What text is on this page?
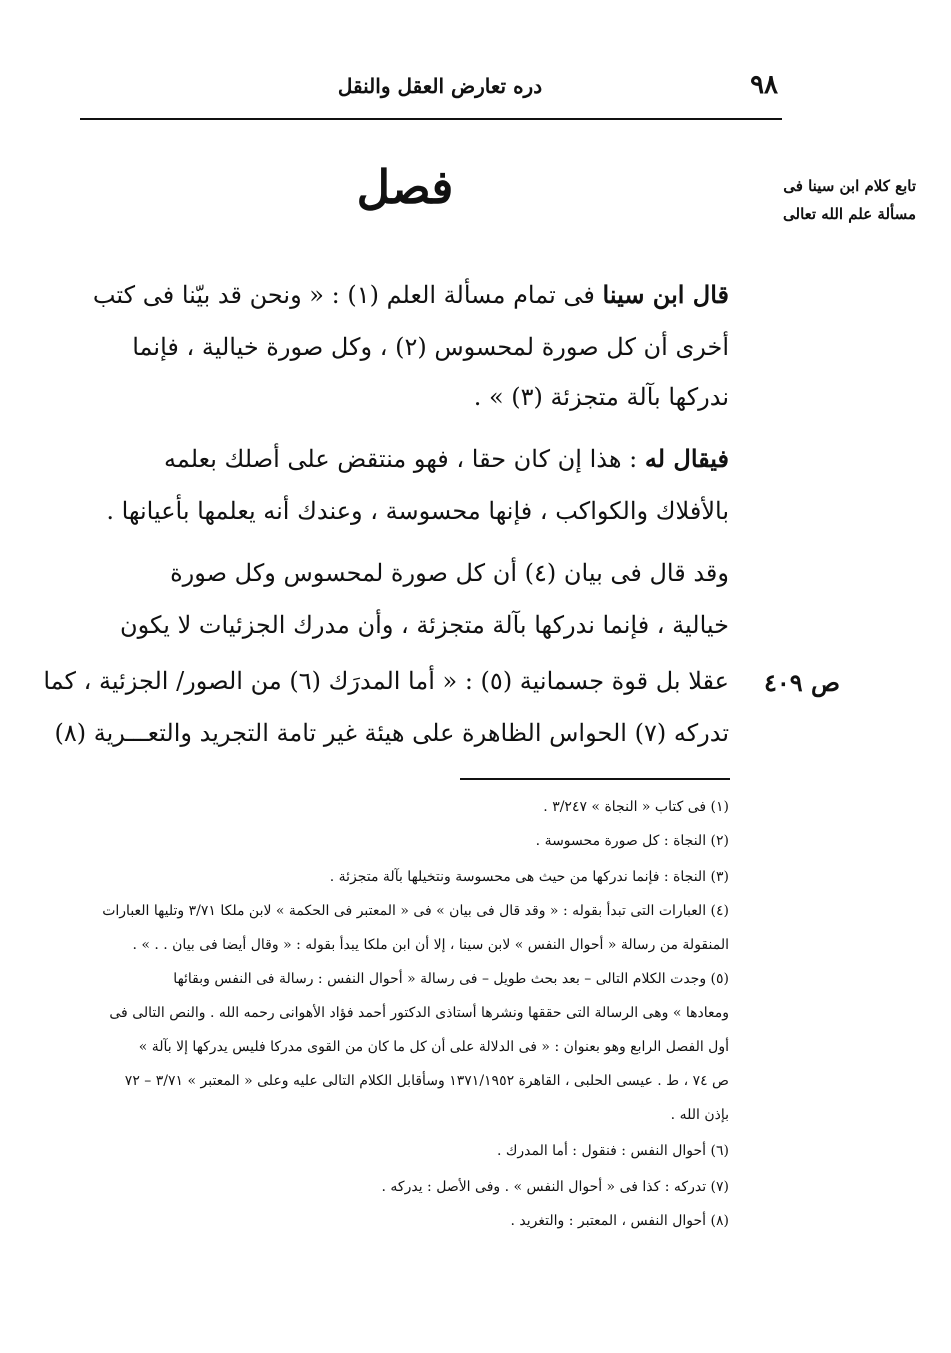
٩٨
دره تعارض العقل والنقل
تابع كلام ابن سينا فى
مسألة علم الله تعالى
فصل
قال ابن سينا فى تمام مسألة العلم (١) : « ونحن قد بيّنا فى كتب
أخرى أن كل صورة لمحسوس (٢) ، وكل صورة خيالية ، فإنما
ندركها بآلة متجزئة (٣) » .
فيقال له : هذا إن كان حقا ، فهو منتقض على أصلك بعلمه
بالأفلاك والكواكب ، فإنها محسوسة ، وعندك أنه يعلمها بأعيانها .
وقد قال فى بيان (٤) أن كل صورة لمحسوس وكل صورة
خيالية ، فإنما ندركها بآلة متجزئة ، وأن مدرك الجزئيات لا يكون
عقلا بل قوة جسمانية (٥) : « أما المدرَك (٦) من الصور/ الجزئية ، كما
تدركه (٧) الحواس الظاهرة على هيئة غير تامة التجريد والتعـــرية (٨)
ص ٤٠٩
(١) فى كتاب « النجاة » ٣/٢٤٧ .
(٢) النجاة : كل صورة محسوسة .
(٣) النجاة : فإنما ندركها من حيث هى محسوسة ونتخيلها بآلة متجزئة .
(٤) العبارات التى تبدأ بقوله : « وقد قال فى بيان » فى « المعتبر فى الحكمة » لابن ملكا ٣/٧١ وتليها العبارات
المنقولة من رسالة « أحوال النفس » لابن سينا ، إلا أن ابن ملكا يبدأ بقوله : « وقال أيضا فى بيان . . » .
(٥) وجدت الكلام التالى – بعد بحث طويل – فى رسالة « أحوال النفس : رسالة فى النفس وبقائها
ومعادها » وهى الرسالة التى حققها ونشرها أستاذى الدكتور أحمد فؤاد الأهوانى رحمه الله . والنص التالى فى
أول الفصل الرابع وهو بعنوان : « فى الدلالة على أن كل ما كان من القوى مدركا فليس يدركها إلا بآلة »
ص ٧٤ ، ط . عيسى الحلبى ، القاهرة ١٣٧١/١٩٥٢ وسأقابل الكلام التالى عليه وعلى « المعتبر » ٣/٧١ – ٧٢
بإذن الله .
(٦) أحوال النفس : فنقول : أما المدرك .
(٧) تدركه : كذا فى « أحوال النفس » . وفى الأصل : يدركه .
(٨) أحوال النفس ، المعتبر : والتغريد .
